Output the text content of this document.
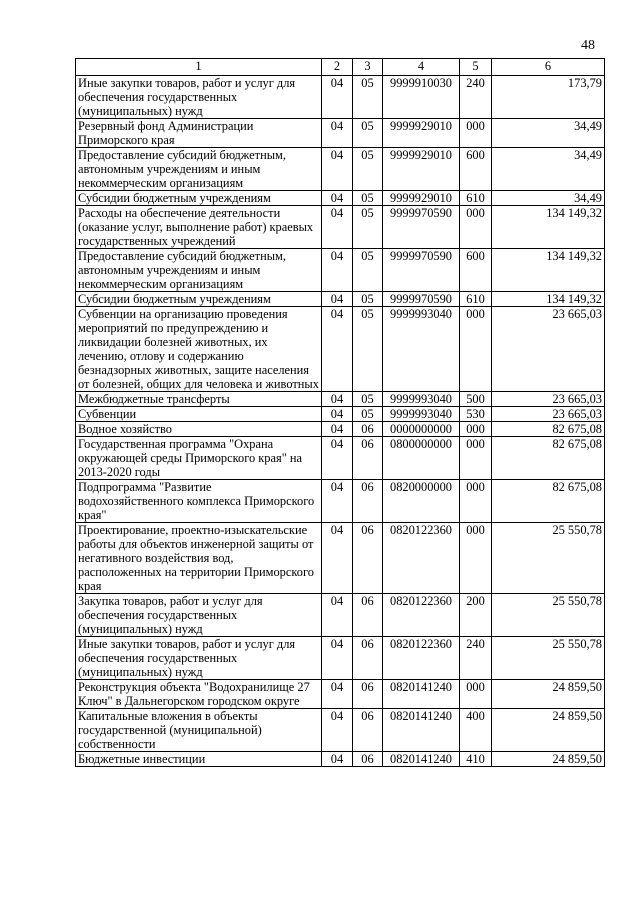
48
1	2	3	4	5	6
Иные закупки товаров, работ и услуг для обеспечения государственных (муниципальных) нужд	04	05	9999910030	240	173,79
Резервный фонд Администрации Приморского края	04	05	9999929010	000	34,49
Предоставление субсидий бюджетным, автономным учреждениям и иным некоммерческим организациям	04	05	9999929010	600	34,49
Субсидии бюджетным учреждениям	04	05	9999929010	610	34,49
Расходы на обеспечение деятельности (оказание услуг, выполнение работ) краевых государственных учреждений	04	05	9999970590	000	134 149,32
Предоставление субсидий бюджетным, автономным учреждениям и иным некоммерческим организациям	04	05	9999970590	600	134 149,32
Субсидии бюджетным учреждениям	04	05	9999970590	610	134 149,32
Субвенции на организацию проведения мероприятий по предупреждению и ликвидации болезней животных, их лечению, отлову и содержанию безнадзорных животных, защите населения от болезней, общих для человека и животных	04	05	9999993040	000	23 665,03
Межбюджетные трансферты	04	05	9999993040	500	23 665,03
Субвенции	04	05	9999993040	530	23 665,03
Водное хозяйство	04	06	0000000000	000	82 675,08
Государственная программа "Охрана окружающей среды Приморского края" на 2013-2020 годы	04	06	0800000000	000	82 675,08
Подпрограмма "Развитие водохозяйственного комплекса Приморского края"	04	06	0820000000	000	82 675,08
Проектирование, проектно-изыскательские работы для объектов инженерной защиты от негативного воздействия вод, расположенных на территории Приморского края	04	06	0820122360	000	25 550,78
Закупка товаров, работ и услуг для обеспечения государственных (муниципальных) нужд	04	06	0820122360	200	25 550,78
Иные закупки товаров, работ и услуг для обеспечения государственных (муниципальных) нужд	04	06	0820122360	240	25 550,78
Реконструкция объекта "Водохранилище 27 Ключ" в Дальнегорском городском округе	04	06	0820141240	000	24 859,50
Капитальные вложения в объекты государственной (муниципальной) собственности	04	06	0820141240	400	24 859,50
Бюджетные инвестиции	04	06	0820141240	410	24 859,50
